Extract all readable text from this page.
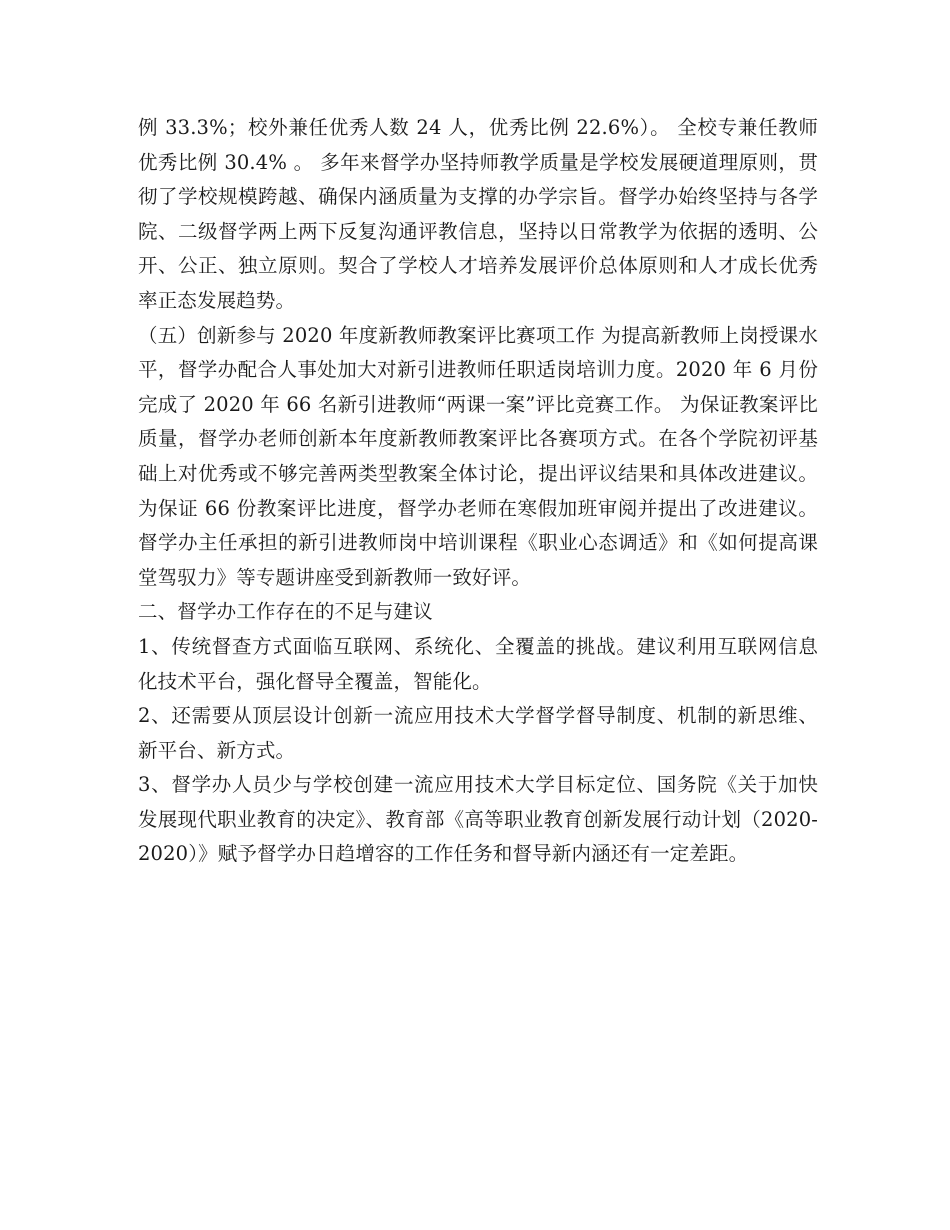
例 33.3%；校外兼任优秀人数 24 人，优秀比例 22.6%）。 全校专兼任教师优秀比例 30.4% 。 多年来督学办坚持师教学质量是学校发展硬道理原则，贯彻了学校规模跨越、确保内涵质量为支撑的办学宗旨。督学办始终坚持与各学院、二级督学两上两下反复沟通评教信息，坚持以日常教学为依据的透明、公开、公正、独立原则。契合了学校人才培养发展评价总体原则和人才成长优秀率正态发展趋势。

（五）创新参与 2020 年度新教师教案评比赛项工作 为提高新教师上岗授课水平，督学办配合人事处加大对新引进教师任职适岗培训力度。2020 年 6 月份完成了 2020 年 66 名新引进教师“两课一案”评比竞赛工作。 为保证教案评比质量，督学办老师创新本年度新教师教案评比各赛项方式。在各个学院初评基础上对优秀或不够完善两类型教案全体讨论，提出评议结果和具体改进建议。为保证 66 份教案评比进度，督学办老师在寒假加班审阅并提出了改进建议。 督学办主任承担的新引进教师岗中培训课程《职业心态调适》和《如何提高课堂驾驭力》等专题讲座受到新教师一致好评。

二、督学办工作存在的不足与建议

1、传统督查方式面临互联网、系统化、全覆盖的挑战。建议利用互联网信息化技术平台，强化督导全覆盖，智能化。

2、还需要从顶层设计创新一流应用技术大学督学督导制度、机制的新思维、新平台、新方式。

3、督学办人员少与学校创建一流应用技术大学目标定位、国务院《关于加快发展现代职业教育的决定》、教育部《高等职业教育创新发展行动计划（2020-2020）》赋予督学办日趋增容的工作任务和督导新内涵还有一定差距。
